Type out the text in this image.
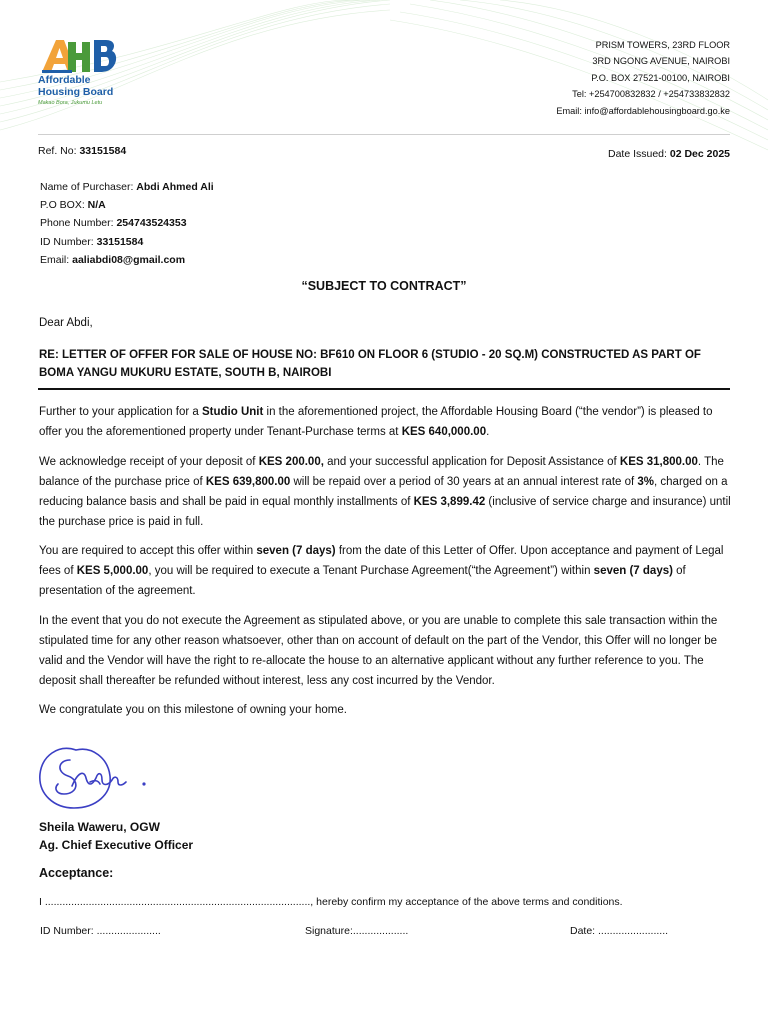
Affordable
Housing Board
Makao Bora, Jukumu Letu
PRISM TOWERS, 23RD FLOOR
3RD NGONG AVENUE, NAIROBI
P.O. BOX 27521-00100, NAIROBI
Tel: +254700832832 / +254733832832
Email: info@affordablehousingboard.go.ke
Ref. No: 33151584	Date Issued: 02 Dec 2025
Name of Purchaser: Abdi Ahmed Ali
P.O BOX: N/A
Phone Number: 254743524353
ID Number: 33151584
Email: aaliabdi08@gmail.com
“SUBJECT TO CONTRACT”
Dear Abdi,
RE: LETTER OF OFFER FOR SALE OF HOUSE NO: BF610 ON FLOOR 6 (STUDIO - 20 SQ.M) CONSTRUCTED AS PART OF BOMA YANGU MUKURU ESTATE, SOUTH B, NAIROBI

Further to your application for a Studio Unit in the aforementioned project, the Affordable Housing Board (“the vendor”) is pleased to offer you the aforementioned property under Tenant-Purchase terms at KES 640,000.00.

We acknowledge receipt of your deposit of KES 200.00, and your successful application for Deposit Assistance of KES 31,800.00. The balance of the purchase price of KES 639,800.00 will be repaid over a period of 30 years at an annual interest rate of 3%, charged on a reducing balance basis and shall be paid in equal monthly installments of KES 3,899.42 (inclusive of service charge and insurance) until the purchase price is paid in full.

You are required to accept this offer within seven (7 days) from the date of this Letter of Offer. Upon acceptance and payment of Legal fees of KES 5,000.00, you will be required to execute a Tenant Purchase Agreement(“the Agreement”) within seven (7 days) of presentation of the agreement.

In the event that you do not execute the Agreement as stipulated above, or you are unable to complete this sale transaction within the stipulated time for any other reason whatsoever, other than on account of default on the part of the Vendor, this Offer will no longer be valid and the Vendor will have the right to re-allocate the house to an alternative applicant without any further reference to you. The deposit shall thereafter be refunded without interest, less any cost incurred by the Vendor.

We congratulate you on this milestone of owning your home.

Sheila Waweru, OGW
Ag. Chief Executive Officer
Acceptance:
I ..........................................................................................., hereby confirm my acceptance of the above terms and conditions.
ID Number: ......................	Signature:...................	Date: ........................
